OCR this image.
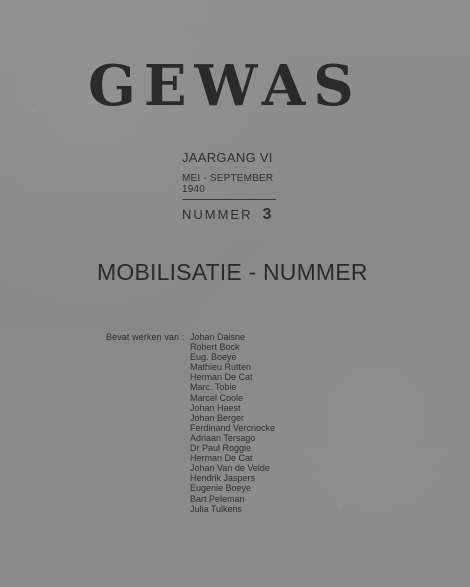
GEWAS
JAARGANG VI
MEI - SEPTEMBER 1940
NUMMER 3
MOBILISATIE - NUMMER
Bevat werken van : Johan Daisne
Robert Bock
Eug. Boeye
Mathieu Rutten
Herman De Cat
Marc. Tobie
Marcel Coole
Johan Haest
Johan Berger
Ferdinand Vercnocke
Adriaan Tersago
Dr Paul Roggie
Herman De Cat
Johan Van de Velde
Hendrik Jaspers
Eugenie Boeye
Bart Peleman
Julia Tulkens
